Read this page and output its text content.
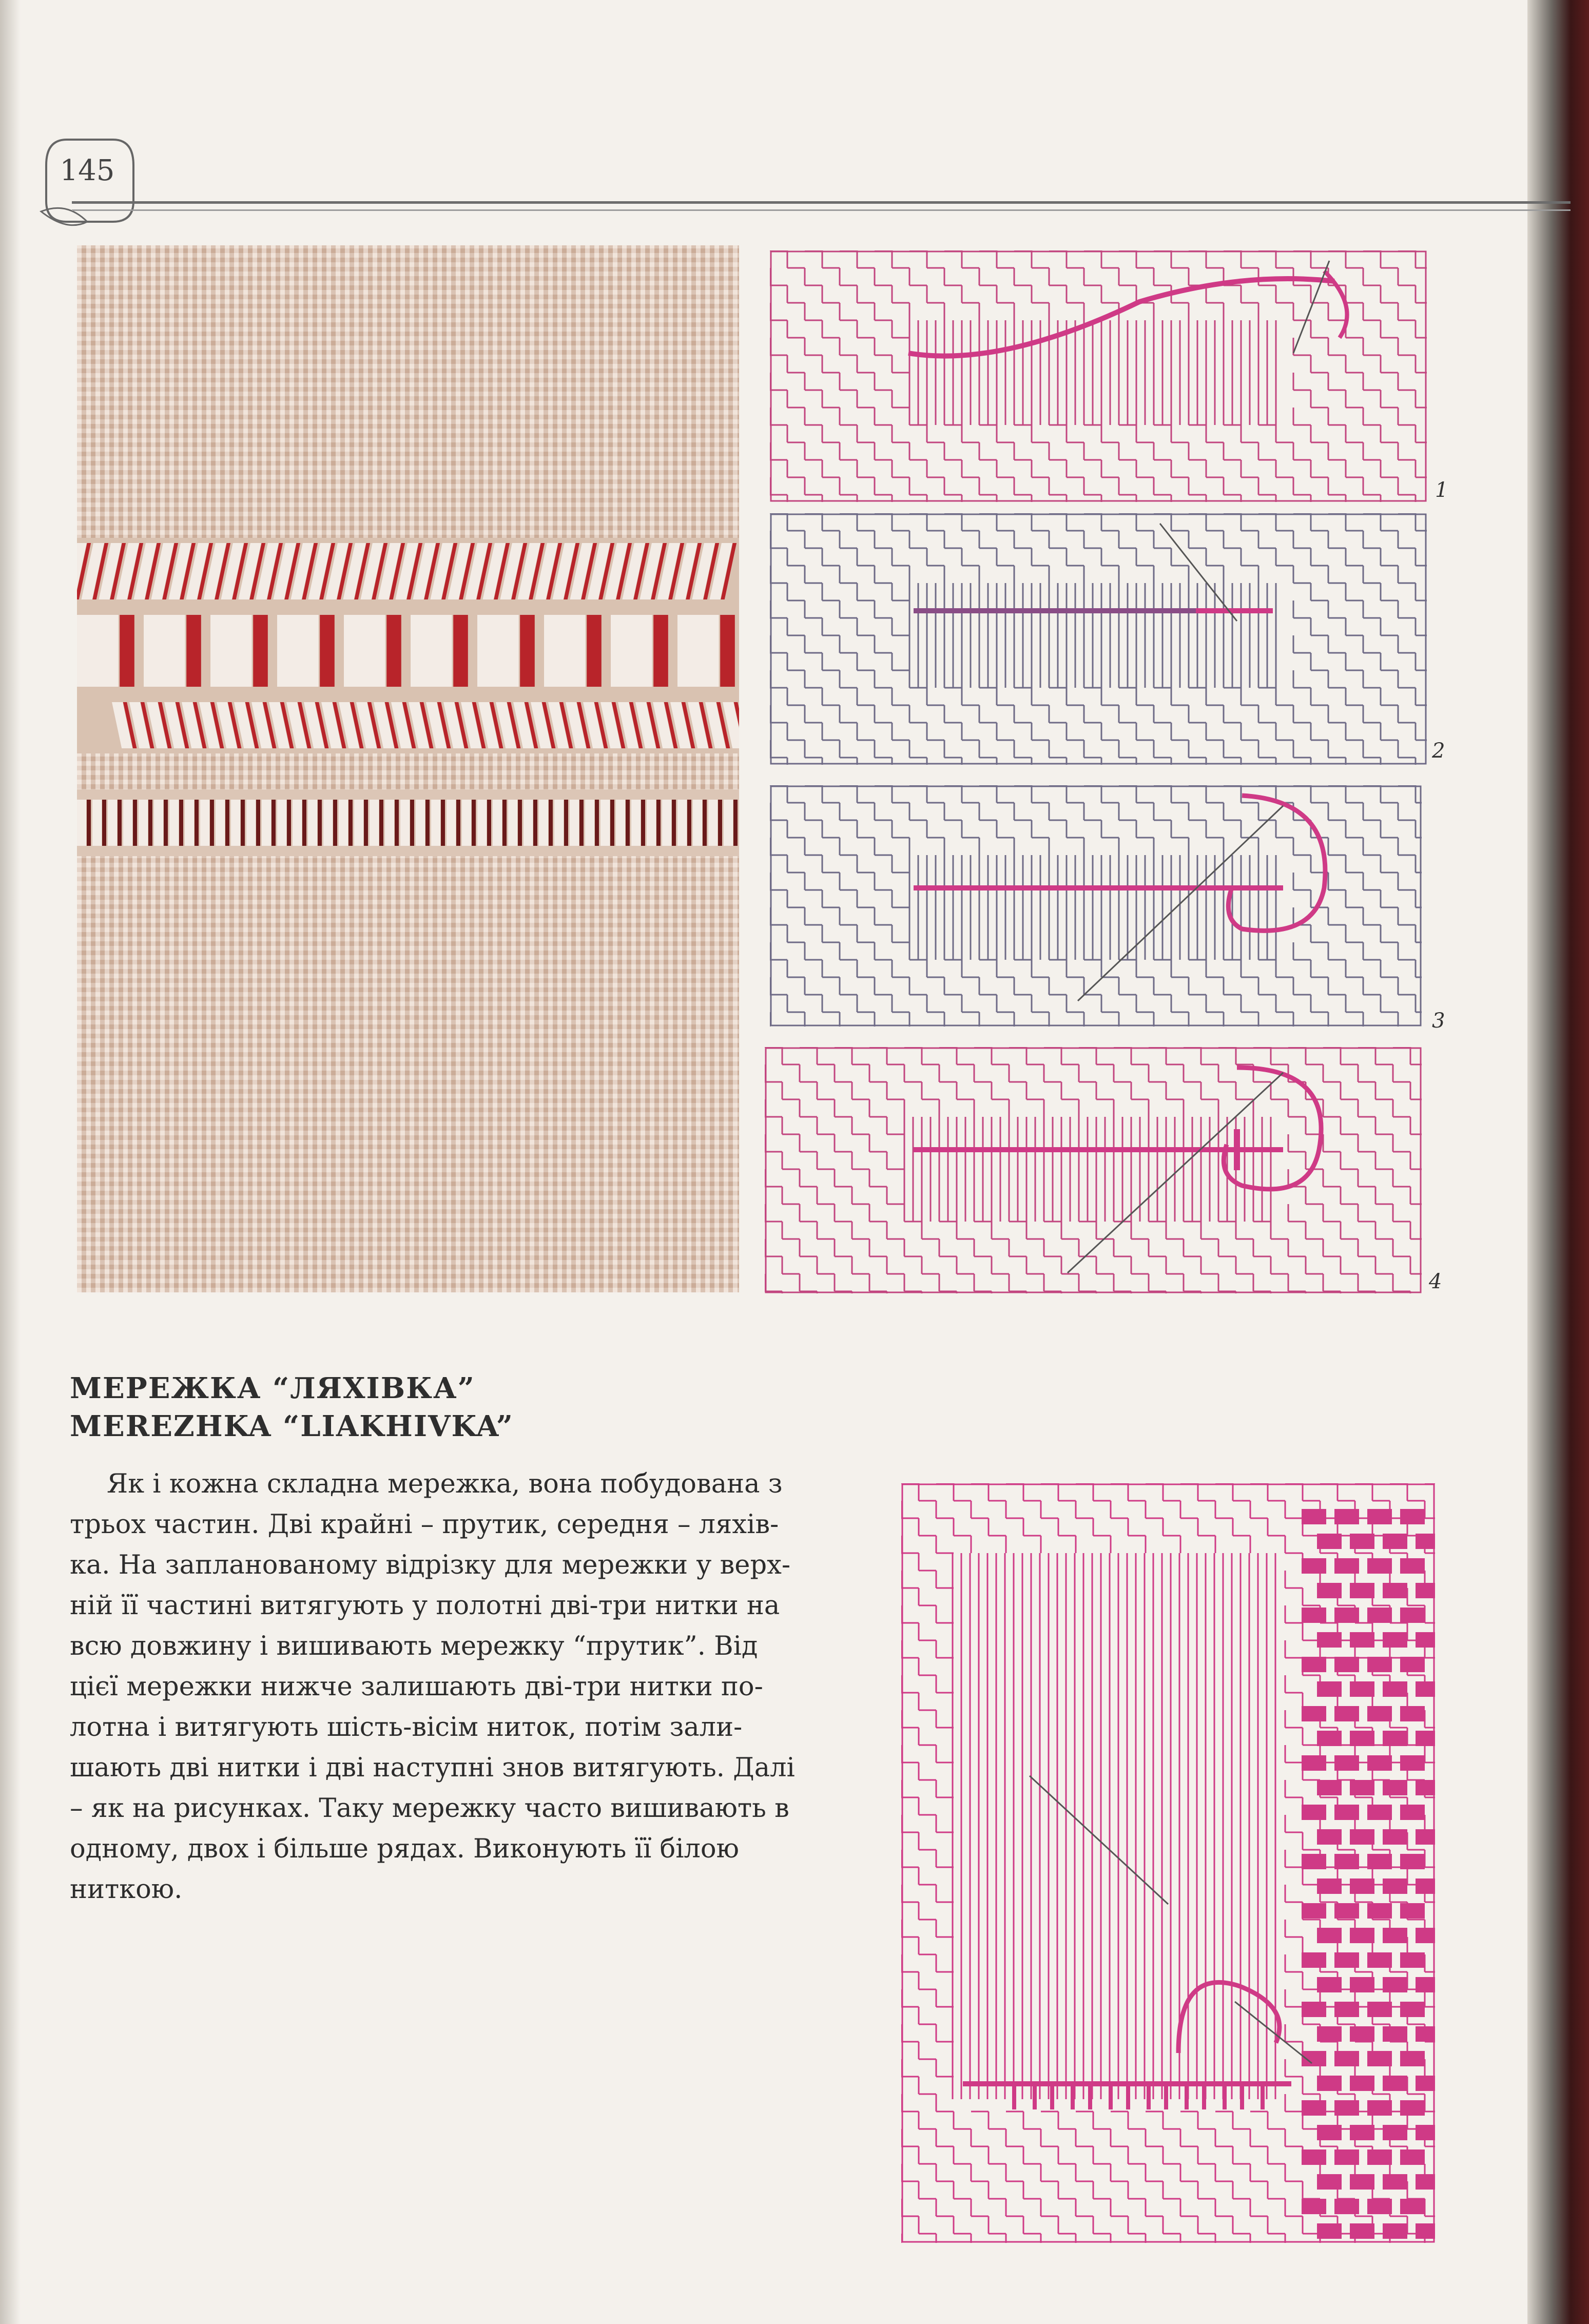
145
1
2
3
4
МЕРЕЖКА “ЛЯХІВКА”
MEREZHKA “LIAKHIVKA”
Як і кожна складна мережка, вона побудована з
трьох частин. Дві крайні – прутик, середня – ляхів-
ка. На запланованому відрізку для мережки у верх-
ній її частині витягують у полотні дві-три нитки на
всю довжину і вишивають мережку “прутик”. Від
цієї мережки нижче залишають дві-три нитки по-
лотна і витягують шість-вісім ниток, потім зали-
шають дві нитки і дві наступні знов витягують. Далі
– як на рисунках. Таку мережку часто вишивають в
одному, двох і більше рядах. Виконують її білою
ниткою.
